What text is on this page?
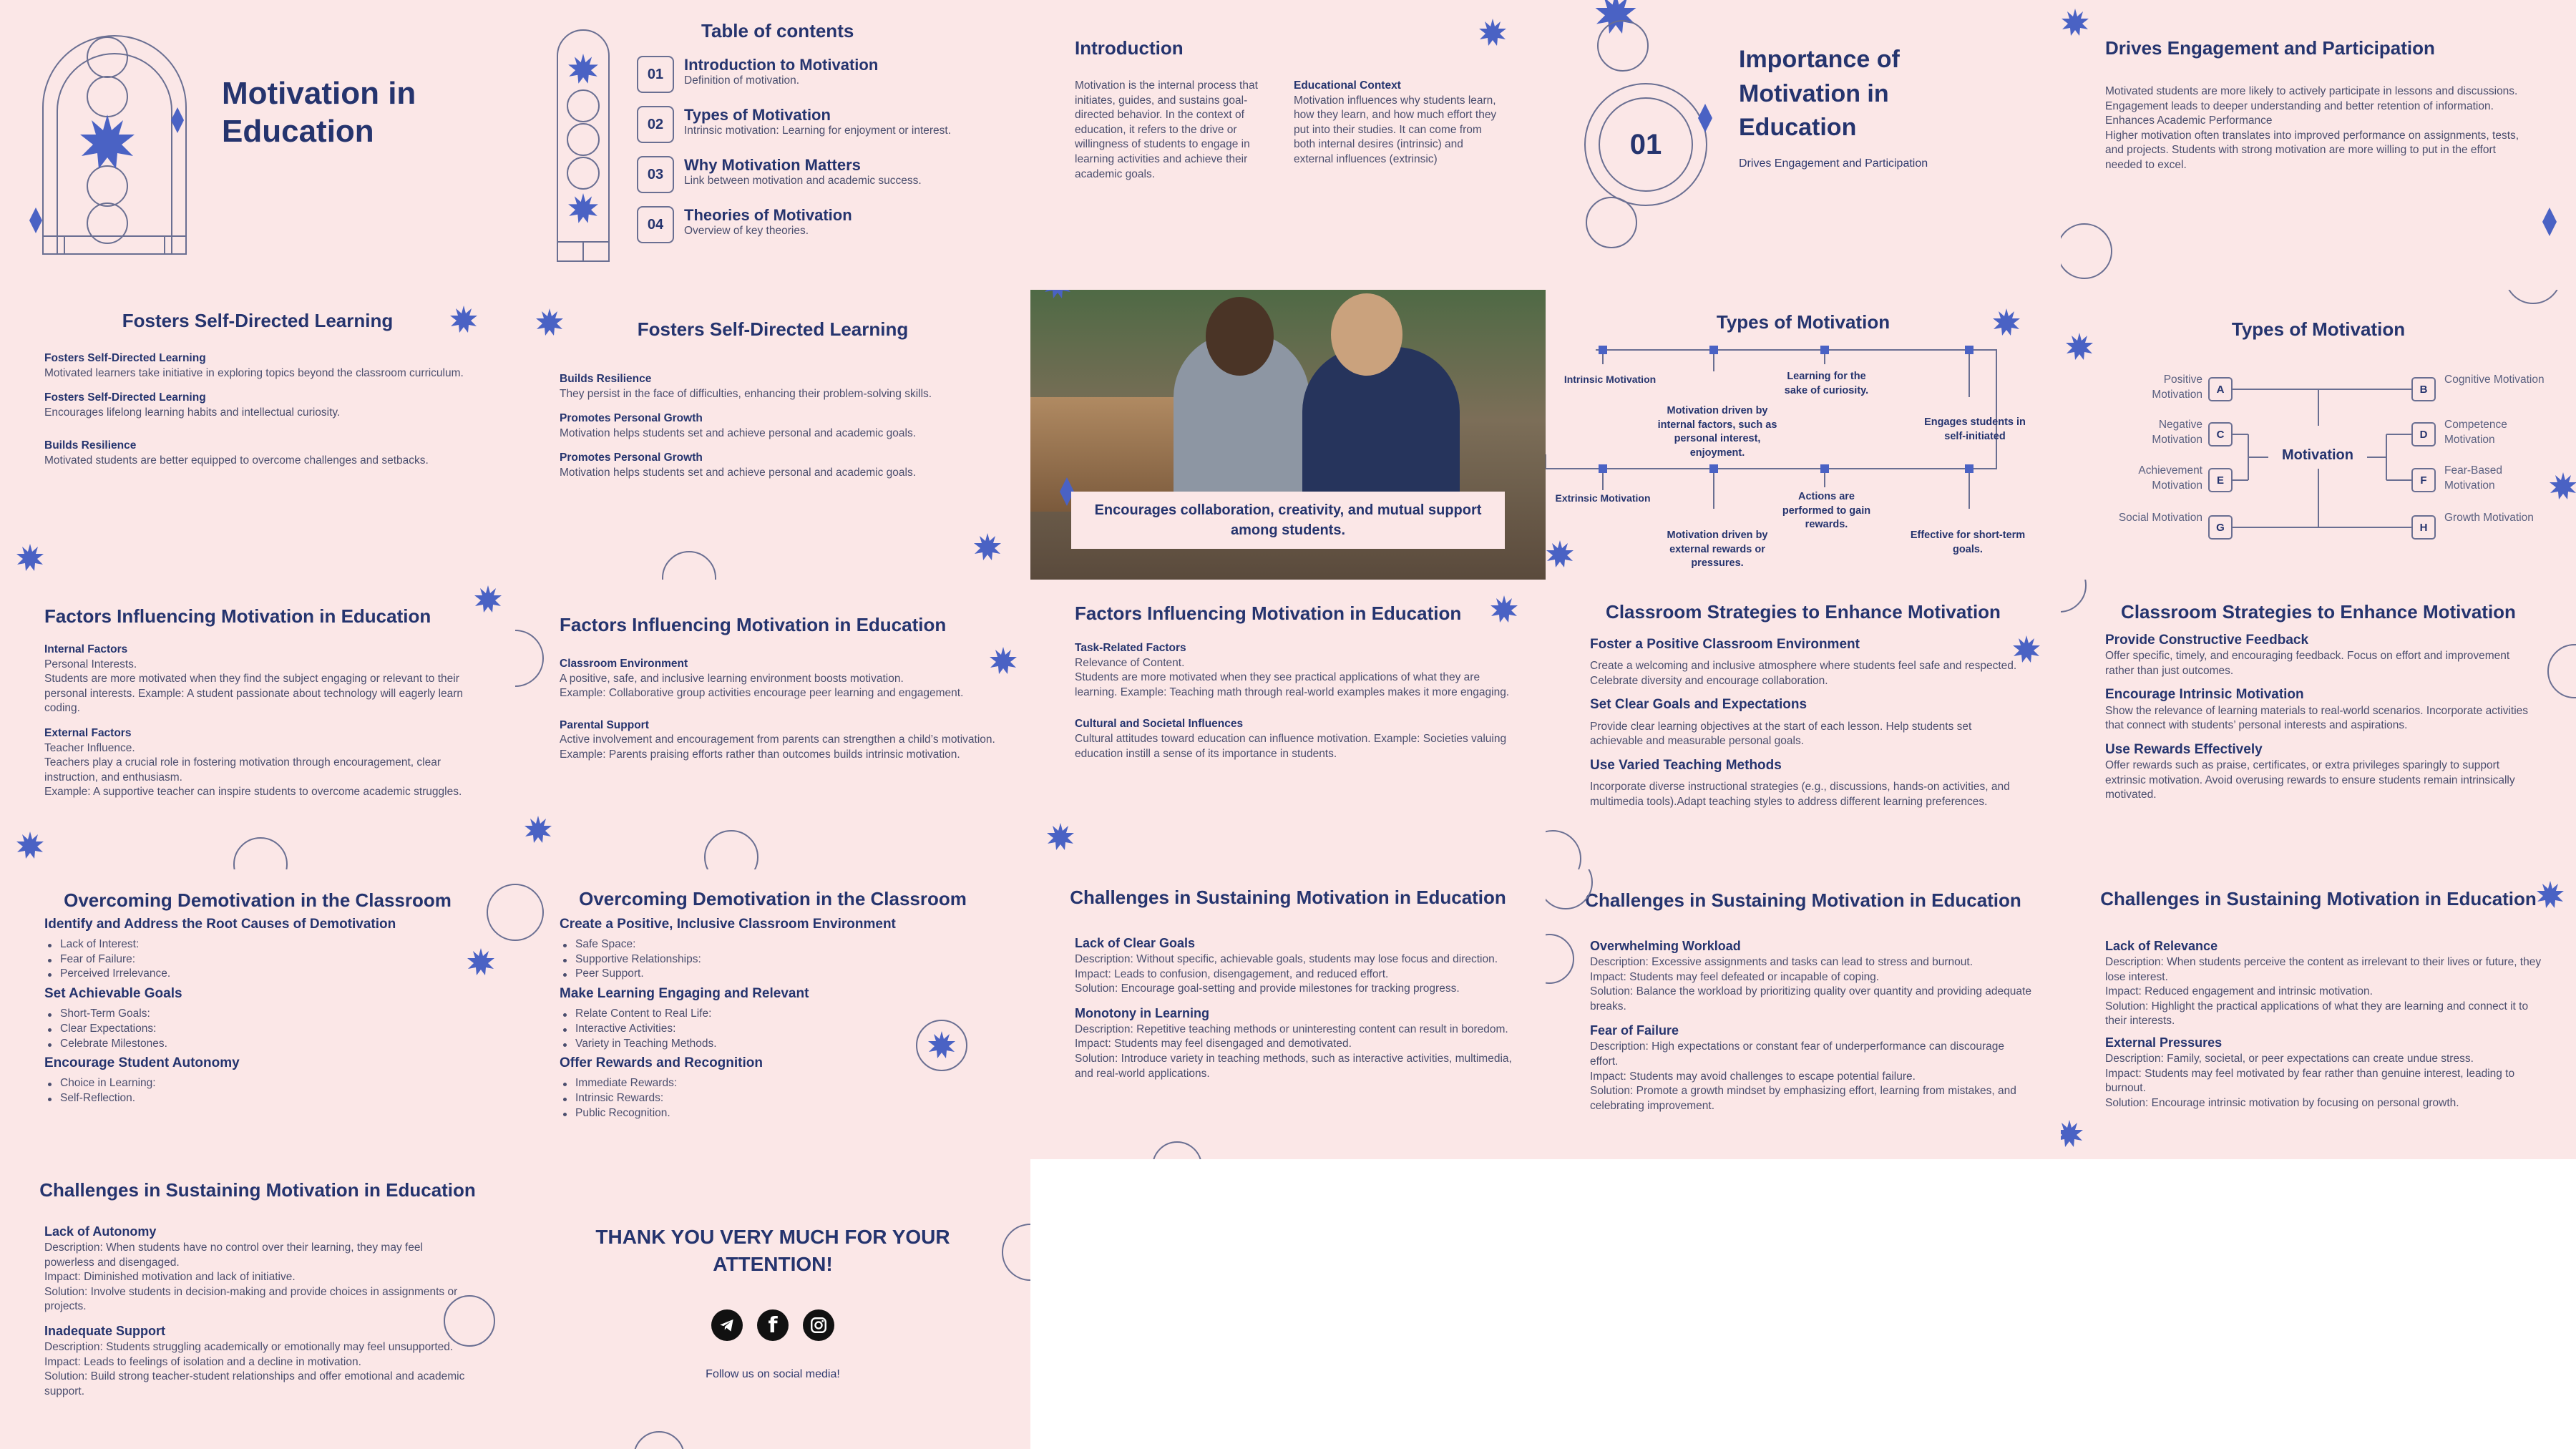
Motivation in Education
Table of contents
01
Introduction to Motivation
Definition of motivation.
02
Types of Motivation
Intrinsic motivation: Learning for enjoyment or interest.
03
Why Motivation Matters
Link between motivation and academic success.
04
Theories of Motivation
Overview of key theories.
Introduction
Motivation is the internal process that initiates, guides, and sustains goal-directed behavior. In the context of education, it refers to the drive or willingness of students to engage in learning activities and achieve their academic goals.
Educational Context
Motivation influences why students learn, how they learn, and how much effort they put into their studies. It can come from both internal desires (intrinsic) and external influences (extrinsic)	01
Importance of Motivation in Education
Drives Engagement and Participation
Drives Engagement and Participation
Motivated students are more likely to actively participate in lessons and discussions.
Engagement leads to deeper understanding and better retention of information.
Enhances Academic Performance
Higher motivation often translates into improved performance on assignments, tests, and projects. Students with strong motivation are more willing to put in the effort needed to excel.
Fosters Self-Directed Learning
Fosters Self-Directed Learning
Motivated learners take initiative in exploring topics beyond the classroom curriculum.
Fosters Self-Directed Learning
Encourages lifelong learning habits and intellectual curiosity.
Builds Resilience
Motivated students are better equipped to overcome challenges and setbacks.
Fosters Self-Directed Learning
Builds Resilience
They persist in the face of difficulties, enhancing their problem-solving skills.
Promotes Personal Growth
Motivation helps students set and achieve personal and academic goals.
Promotes Personal Growth
Motivation helps students set and achieve personal and academic goals.
Encourages collaboration, creativity, and mutual support among students.
Types of Motivation
Intrinsic Motivation
Motivation driven by internal factors, such as personal interest, enjoyment.
Learning for the sake of curiosity.
Engages students in self-initiated
Extrinsic Motivation
Motivation driven by external rewards or pressures.
Actions are performed to gain rewards.
Effective for short-term goals.
Types of Motivation
A
C
E
G
B
D
F
H
Positive Motivation
Negative Motivation
Achievement Motivation
Social Motivation
Cognitive Motivation
Competence Motivation
Fear-Based Motivation
Growth Motivation
Motivation
Factors Influencing Motivation in Education
Internal Factors
Personal Interests.
Students are more motivated when they find the subject engaging or relevant to their personal interests. Example: A student passionate about technology will eagerly learn coding.
External Factors
Teacher Influence.
Teachers play a crucial role in fostering motivation through encouragement, clear instruction, and enthusiasm.
Example: A supportive teacher can inspire students to overcome academic struggles.
Factors Influencing Motivation in Education
Classroom Environment
A positive, safe, and inclusive learning environment boosts motivation.
Example: Collaborative group activities encourage peer learning and engagement.
Parental Support
Active involvement and encouragement from parents can strengthen a child’s motivation.
Example: Parents praising efforts rather than outcomes builds intrinsic motivation.
Factors Influencing Motivation in Education
Task-Related Factors
Relevance of Content.
Students are more motivated when they see practical applications of what they are learning. Example: Teaching math through real-world examples makes it more engaging.
Cultural and Societal Influences
Cultural attitudes toward education can influence motivation. Example: Societies valuing education instill a sense of its importance in students.
Classroom Strategies to Enhance Motivation
Foster a Positive Classroom Environment
Create a welcoming and inclusive atmosphere where students feel safe and respected. Celebrate diversity and encourage collaboration.
Set Clear Goals and Expectations
Provide clear learning objectives at the start of each lesson. Help students set achievable and measurable personal goals.
Use Varied Teaching Methods
Incorporate diverse instructional strategies (e.g., discussions, hands-on activities, and multimedia tools).Adapt teaching styles to address different learning preferences.
Classroom Strategies to Enhance Motivation
Provide Constructive Feedback
Offer specific, timely, and encouraging feedback. Focus on effort and improvement rather than just outcomes.
Encourage Intrinsic Motivation
Show the relevance of learning materials to real-world scenarios. Incorporate activities that connect with students’ personal interests and aspirations.
Use Rewards Effectively
Offer rewards such as praise, certificates, or extra privileges sparingly to support extrinsic motivation. Avoid overusing rewards to ensure students remain intrinsically motivated.
Overcoming Demotivation in the Classroom
Identify and Address the Root Causes of Demotivation
Lack of Interest:
Fear of Failure:
Perceived Irrelevance.
Set Achievable Goals
Short-Term Goals:
Clear Expectations:
Celebrate Milestones.
Encourage Student Autonomy
Choice in Learning:
Self-Reflection.
Overcoming Demotivation in the Classroom
Create a Positive, Inclusive Classroom Environment
Safe Space:
Supportive Relationships:
Peer Support.
Make Learning Engaging and Relevant
Relate Content to Real Life:
Interactive Activities:
Variety in Teaching Methods.
Offer Rewards and Recognition
Immediate Rewards:
Intrinsic Rewards:
Public Recognition.
Challenges in Sustaining Motivation in Education
Lack of Clear Goals
Description: Without specific, achievable goals, students may lose focus and direction.
Impact: Leads to confusion, disengagement, and reduced effort.
Solution: Encourage goal-setting and provide milestones for tracking progress.
Monotony in Learning
Description: Repetitive teaching methods or uninteresting content can result in boredom.
Impact: Students may feel disengaged and demotivated.
Solution: Introduce variety in teaching methods, such as interactive activities, multimedia, and real-world applications.
Challenges in Sustaining Motivation in Education
Overwhelming Workload
Description: Excessive assignments and tasks can lead to stress and burnout.
Impact: Students may feel defeated or incapable of coping.
Solution: Balance the workload by prioritizing quality over quantity and providing adequate breaks.
Fear of Failure
Description: High expectations or constant fear of underperformance can discourage effort.
Impact: Students may avoid challenges to escape potential failure.
Solution: Promote a growth mindset by emphasizing effort, learning from mistakes, and celebrating improvement.
Challenges in Sustaining Motivation in Education
Lack of Relevance
Description: When students perceive the content as irrelevant to their lives or future, they lose interest.
Impact: Reduced engagement and intrinsic motivation.
Solution: Highlight the practical applications of what they are learning and connect it to their interests.
External Pressures
Description: Family, societal, or peer expectations can create undue stress.
Impact: Students may feel motivated by fear rather than genuine interest, leading to burnout.
Solution: Encourage intrinsic motivation by focusing on personal growth.
Challenges in Sustaining Motivation in Education
Lack of Autonomy
Description: When students have no control over their learning, they may feel powerless and disengaged.
Impact: Diminished motivation and lack of initiative.
Solution: Involve students in decision-making and provide choices in assignments or projects.
Inadequate Support
Description: Students struggling academically or emotionally may feel unsupported.
Impact: Leads to feelings of isolation and a decline in motivation.
Solution: Build strong teacher-student relationships and offer emotional and academic support.
THANK YOU VERY MUCH FOR YOUR ATTENTION!
f
Follow us on social media!
